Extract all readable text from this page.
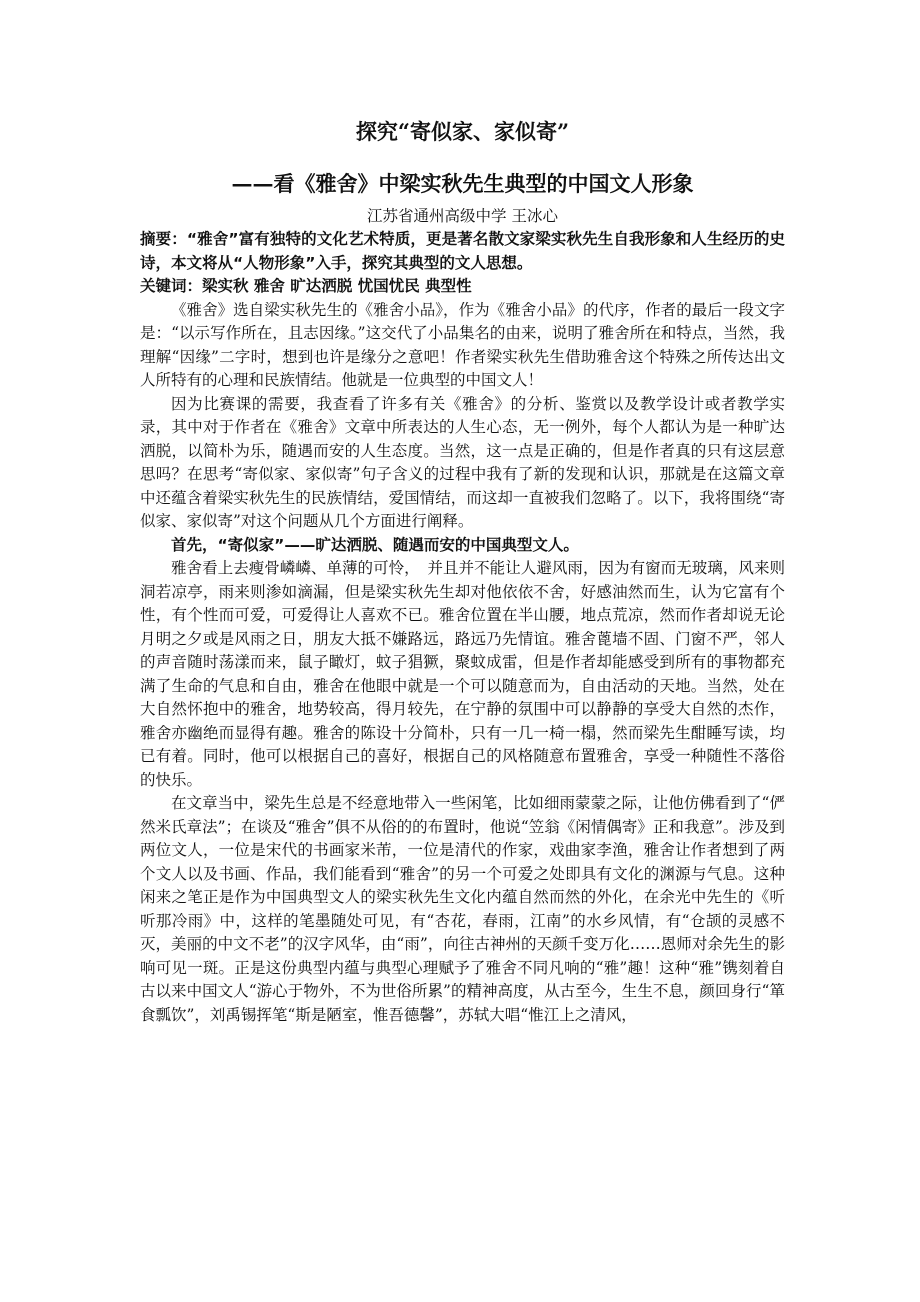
探究“寄似家、家似寄”
——看《雅舍》中梁实秋先生典型的中国文人形象

江苏省通州高级中学 王冰心

摘要：“雅舍”富有独特的文化艺术特质，更是著名散文家梁实秋先生自我形象和人生经历的史诗，本文将从“人物形象”入手，探究其典型的文人思想。

关键词：梁实秋 雅舍 旷达洒脱 忧国忧民 典型性

《雅舍》选自梁实秋先生的《雅舍小品》，作为《雅舍小品》的代序，作者的最后一段文字是：“以示写作所在，且志因缘。”这交代了小品集名的由来，说明了雅舍所在和特点，当然，我理解“因缘”二字时，想到也许是缘分之意吧！作者梁实秋先生借助雅舍这个特殊之所传达出文人所特有的心理和民族情结。他就是一位典型的中国文人！

因为比赛课的需要，我查看了许多有关《雅舍》的分析、鉴赏以及教学设计或者教学实录，其中对于作者在《雅舍》文章中所表达的人生心态，无一例外，每个人都认为是一种旷达洒脱，以简朴为乐，随遇而安的人生态度。当然，这一点是正确的，但是作者真的只有这层意思吗？在思考“寄似家、家似寄”句子含义的过程中我有了新的发现和认识，那就是在这篇文章中还蕴含着梁实秋先生的民族情结，爱国情结，而这却一直被我们忽略了。以下，我将围绕“寄似家、家似寄”对这个问题从几个方面进行阐释。

首先，“寄似家”——旷达洒脱、随遇而安的中国典型文人。

雅舍看上去瘦骨嶙嶙、单薄的可怜，　并且并不能让人避风雨，因为有窗而无玻璃，风来则洞若凉亭，雨来则渗如滴漏，但是梁实秋先生却对他依依不舍，好感油然而生，认为它富有个性，有个性而可爱，可爱得让人喜欢不已。雅舍位置在半山腰，地点荒凉，然而作者却说无论月明之夕或是风雨之日，朋友大抵不嫌路远，路远乃先情谊。雅舍蓖墙不固、门窗不严，邻人的声音随时荡漾而来，鼠子瞰灯，蚊子猖獗，聚蚊成雷，但是作者却能感受到所有的事物都充满了生命的气息和自由，雅舍在他眼中就是一个可以随意而为，自由活动的天地。当然，处在大自然怀抱中的雅舍，地势较高，得月较先，在宁静的氛围中可以静静的享受大自然的杰作，雅舍亦幽绝而显得有趣。雅舍的陈设十分简朴，只有一几一椅一榻，然而梁先生酣睡写读，均已有着。同时，他可以根据自己的喜好，根据自己的风格随意布置雅舍，享受一种随性不落俗的快乐。

在文章当中，梁先生总是不经意地带入一些闲笔，比如细雨蒙蒙之际，让他仿佛看到了“俨然米氏章法”；在谈及“雅舍”俱不从俗的的布置时，他说“笠翁《闲情偶寄》正和我意”。涉及到两位文人，一位是宋代的书画家米芾，一位是清代的作家，戏曲家李渔，雅舍让作者想到了两个文人以及书画、作品，我们能看到“雅舍”的另一个可爱之处即具有文化的渊源与气息。这种闲来之笔正是作为中国典型文人的梁实秋先生文化内蕴自然而然的外化，在余光中先生的《听听那冷雨》中，这样的笔墨随处可见，有“杏花，春雨，江南”的水乡风情，有“仓颉的灵感不灭，美丽的中文不老”的汉字风华，由“雨”，向往古神州的天颜千变万化……恩师对余先生的影响可见一斑。正是这份典型内蕴与典型心理赋予了雅舍不同凡响的“雅”趣！这种“雅”镌刻着自古以来中国文人“游心于物外，不为世俗所累”的精神高度，从古至今，生生不息，颜回身行“箪食瓢饮”，刘禹锡挥笔“斯是陋室，惟吾德馨”，苏轼大唱“惟江上之清风，
